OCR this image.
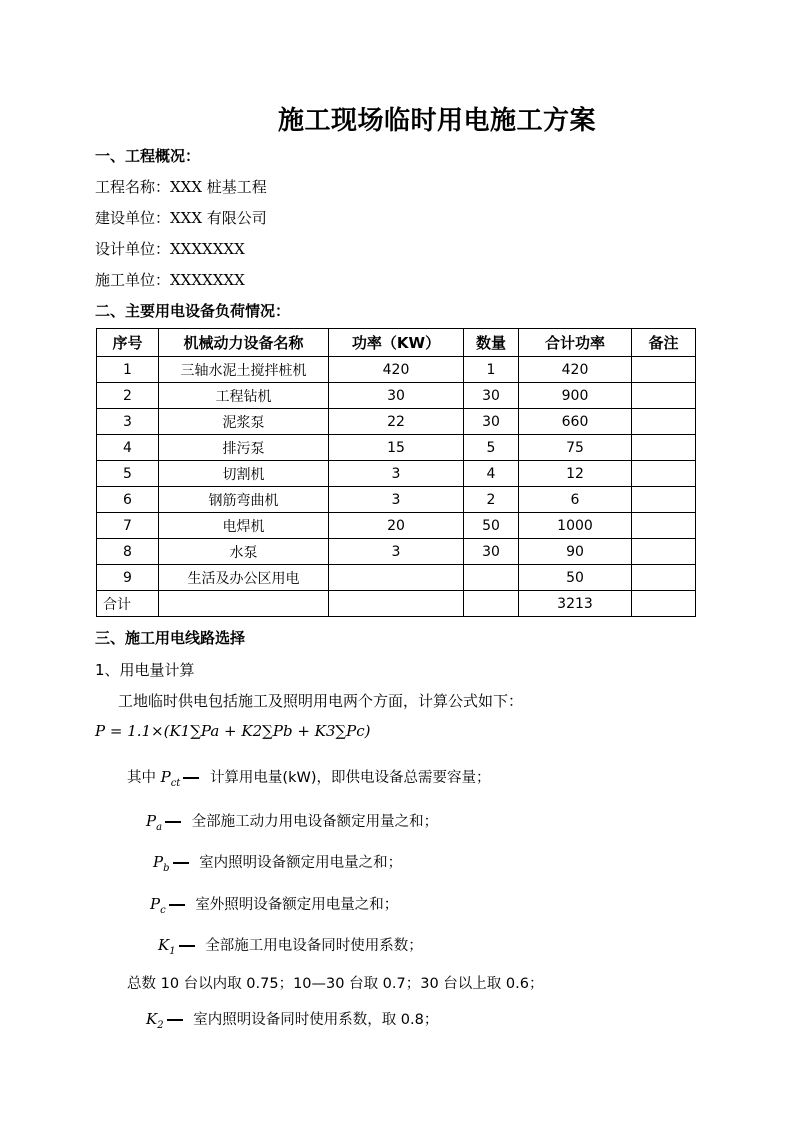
施工现场临时用电施工方案
一、工程概况：
工程名称：XXX 桩基工程
建设单位：XXX 有限公司
设计单位：XXXXXXX
施工单位：XXXXXXX
二、主要用电设备负荷情况：
序号	机械动力设备名称	功率（KW）	数量	合计功率	备注
1	三轴水泥土搅拌桩机	420	1	420	
2	工程钻机	30	30	900	
3	泥浆泵	22	30	660	
4	排污泵	15	5	75	
5	切割机	3	4	12	
6	钢筋弯曲机	3	2	6	
7	电焊机	20	50	1000	
8	水泵	3	30	90	
9	生活及办公区用电			50	
合计				3213	
三、施工用电线路选择
1、用电量计算
工地临时供电包括施工及照明用电两个方面，计算公式如下：
P = 1.1×(K1∑Pa + K2∑Pb + K3∑Pc)
其中 $P_{ct}$ 计算用电量(kW)，即供电设备总需要容量；
$P_a$ 全部施工动力用电设备额定用量之和；
$P_b$ 室内照明设备额定用电量之和；
$P_c$ 室外照明设备额定用电量之和；
$K_1$ 全部施工用电设备同时使用系数；
总数 10 台以内取 0.75；10—30 台取 0.7；30 台以上取 0.6；
$K_2$ 室内照明设备同时使用系数，取 0.8；
